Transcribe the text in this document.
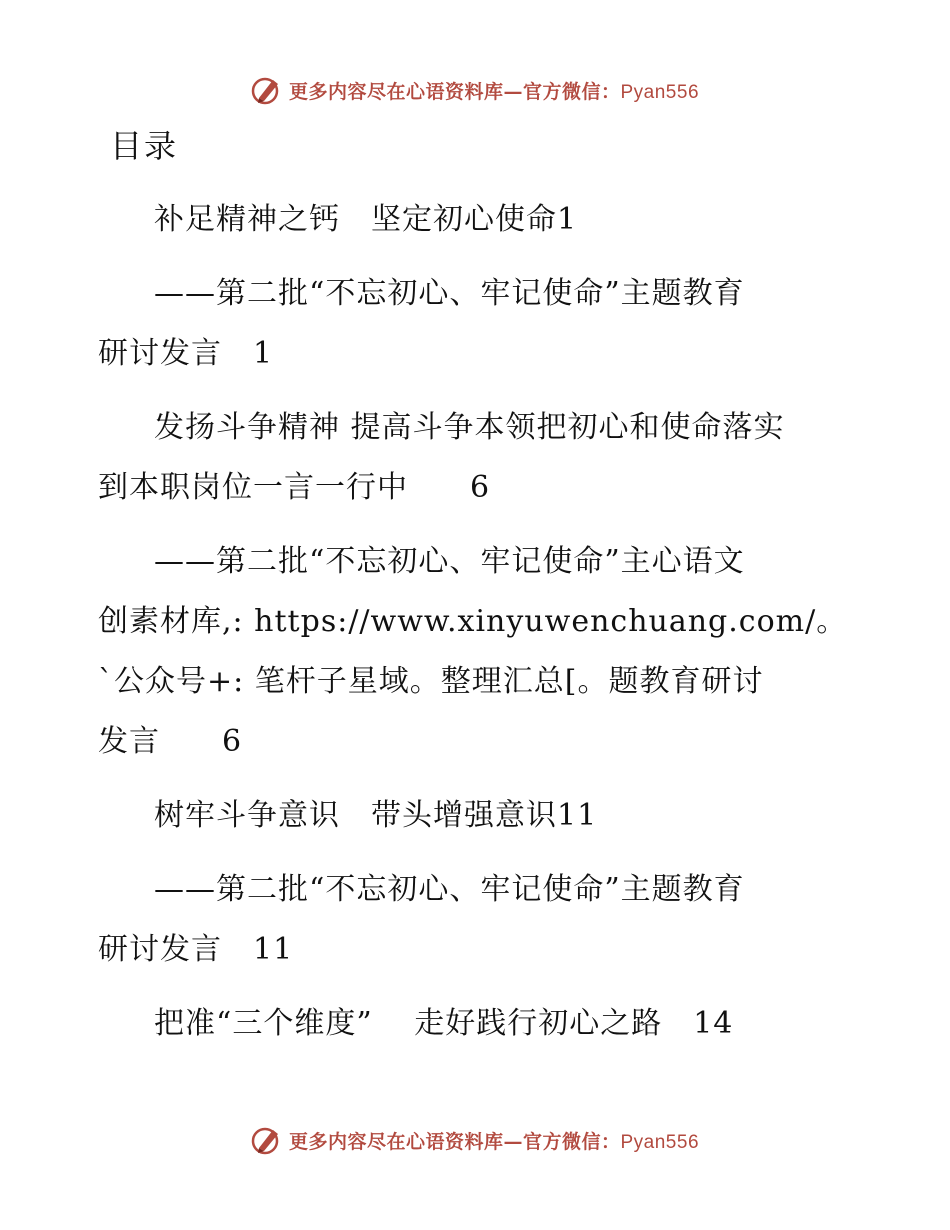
更多内容尽在心语资料库—官方微信：Pyan556
目录

补足精神之钙　坚定初心使命1

——第二批“不忘初心、牢记使命”主题教育
研讨发言　1

发扬斗争精神 提高斗争本领把初心和使命落实
到本职岗位一言一行中　　6

——第二批“不忘初心、牢记使命”主心语文
创素材库,: https://www.xinyuwenchuang.com/。
`公众号+: 笔杆子星域。整理汇总[。题教育研讨
发言　　6

树牢斗争意识　带头增强意识11

——第二批“不忘初心、牢记使命”主题教育
研讨发言　11

把准“三个维度”　 走好践行初心之路　14

更多内容尽在心语资料库—官方微信：Pyan556
